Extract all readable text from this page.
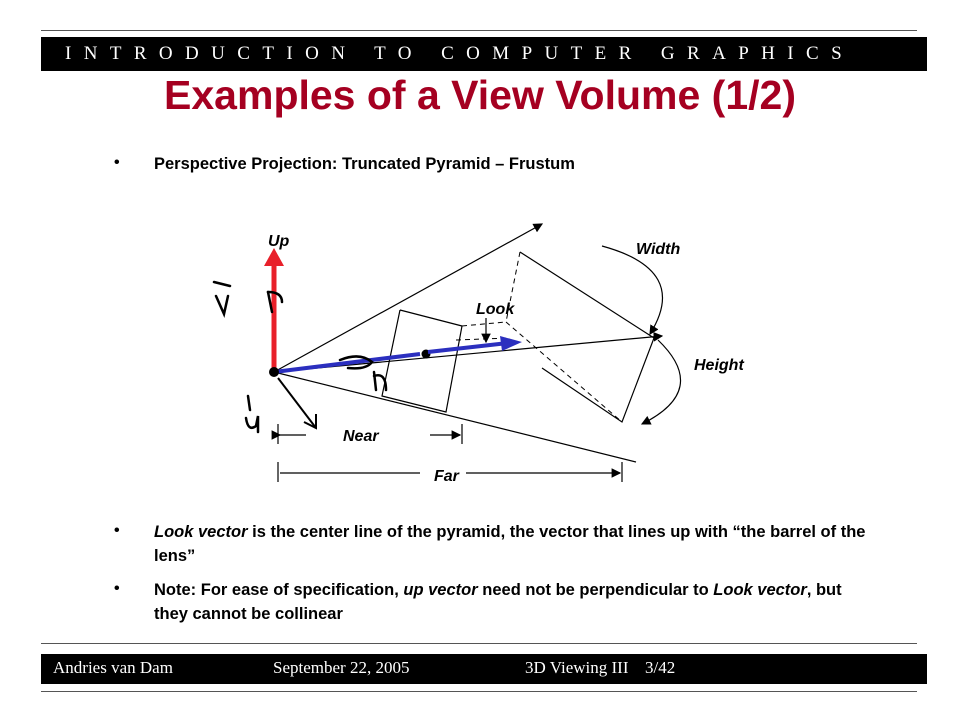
INTRODUCTION TO COMPUTER GRAPHICS
Examples of a View Volume (1/2)
• Perspective Projection: Truncated Pyramid – Frustum
Up	Width
Look
Height
Near
Far
• Look vector is the center line of the pyramid, the vector that lines up with “the barrel of the lens”
• Note: For ease of specification, up vector need not be perpendicular to Look vector, but they cannot be collinear
Andries van Dam	September 22, 2005	3D Viewing III 3/42
